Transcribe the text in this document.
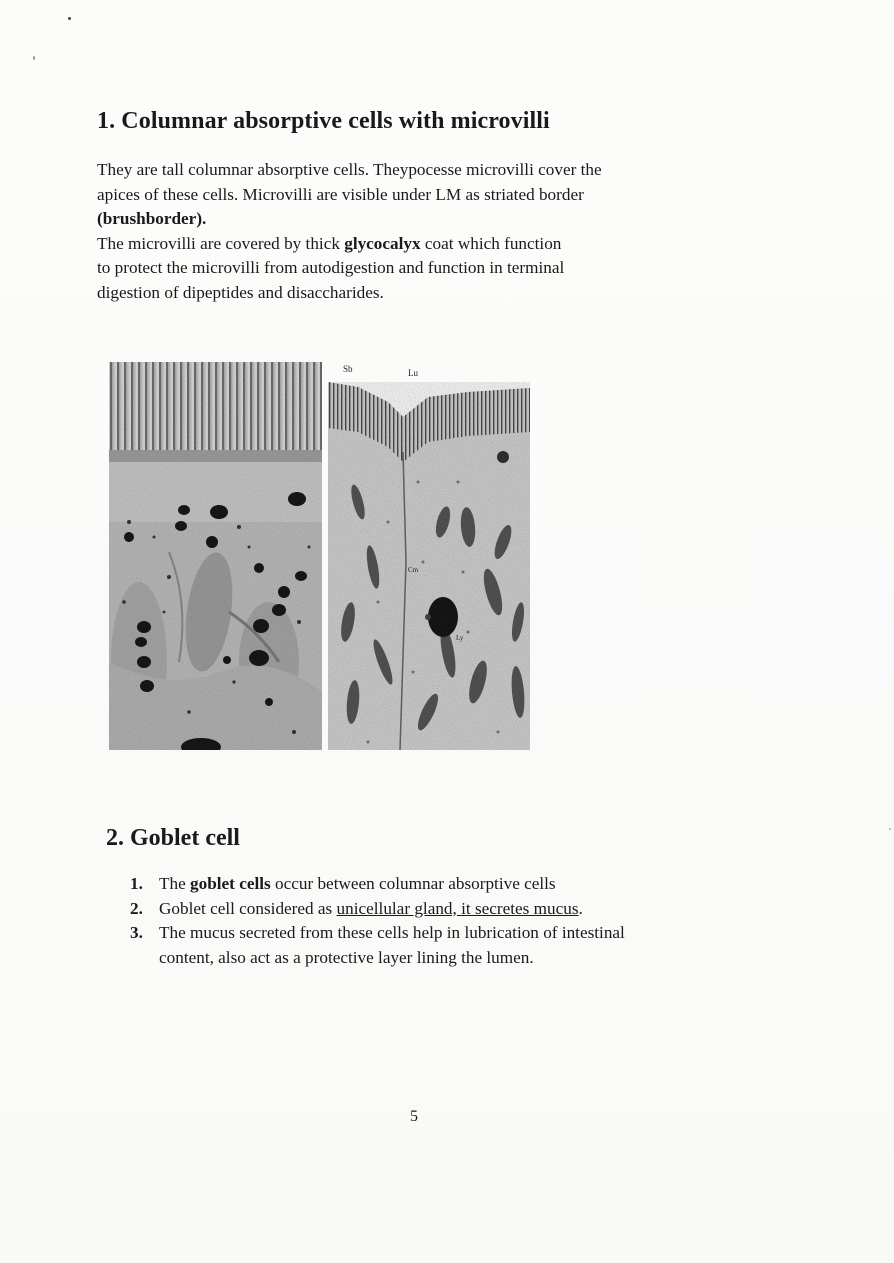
1. Columnar absorptive cells with microvilli

They are tall columnar absorptive cells. Theypocesse microvilli cover the

apices of these cells. Microvilli are visible under LM as striated border

(brushborder).

The microvilli are covered by thick glycocalyx coat which function

to protect the microvilli from autodigestion and function in terminal

digestion of dipeptides and disaccharides.

Sb	Lu
Cm
Ly
2. Goblet cell
1. The goblet cells occur between columnar absorptive cells
2. Goblet cell considered as unicellular gland, it secretes mucus.
3. The mucus secreted from these cells help in lubrication of intestinal
content, also act as a protective layer lining the lumen.
5
